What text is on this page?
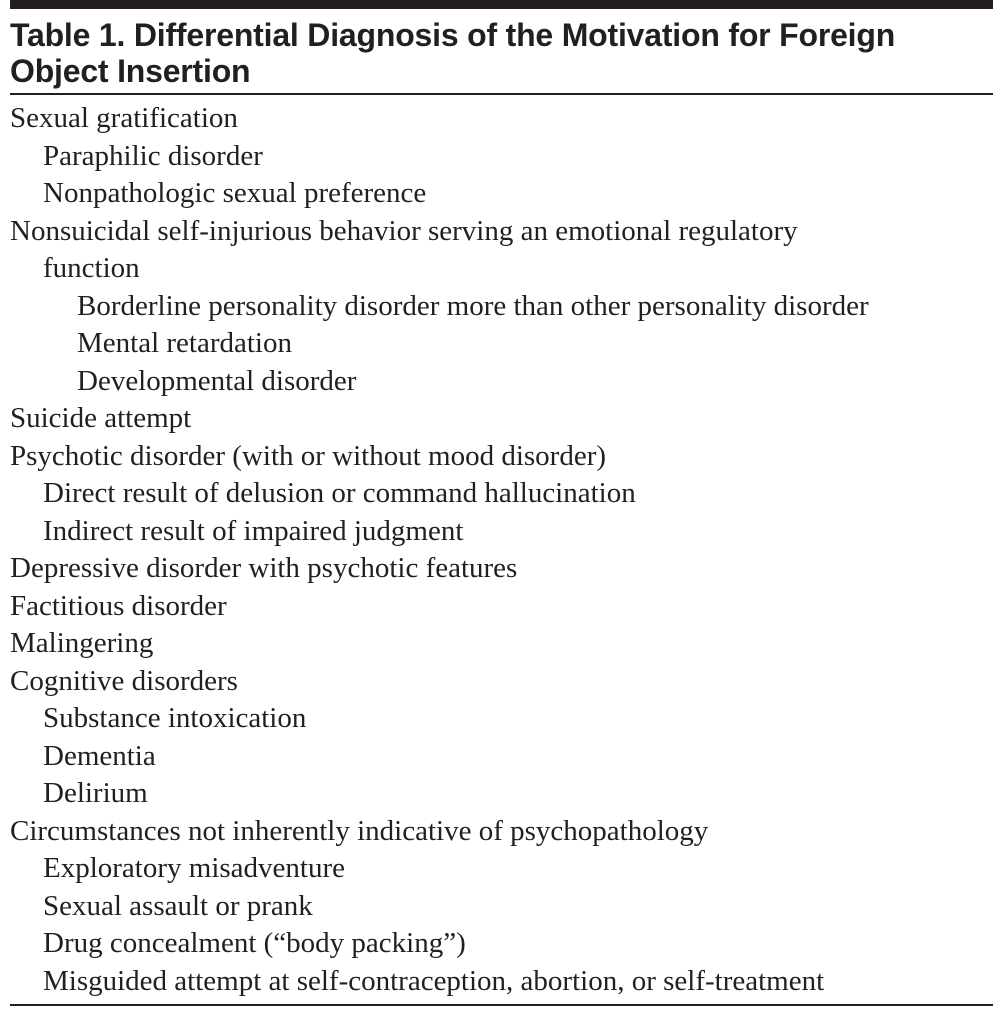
Table 1. Differential Diagnosis of the Motivation for Foreign
Object Insertion
Sexual gratification
Paraphilic disorder
Nonpathologic sexual preference
Nonsuicidal self-injurious behavior serving an emotional regulatory
function
Borderline personality disorder more than other personality disorder
Mental retardation
Developmental disorder
Suicide attempt
Psychotic disorder (with or without mood disorder)
Direct result of delusion or command hallucination
Indirect result of impaired judgment
Depressive disorder with psychotic features
Factitious disorder
Malingering
Cognitive disorders
Substance intoxication
Dementia
Delirium
Circumstances not inherently indicative of psychopathology
Exploratory misadventure
Sexual assault or prank
Drug concealment (“body packing”)
Misguided attempt at self-contraception, abortion, or self-treatment
